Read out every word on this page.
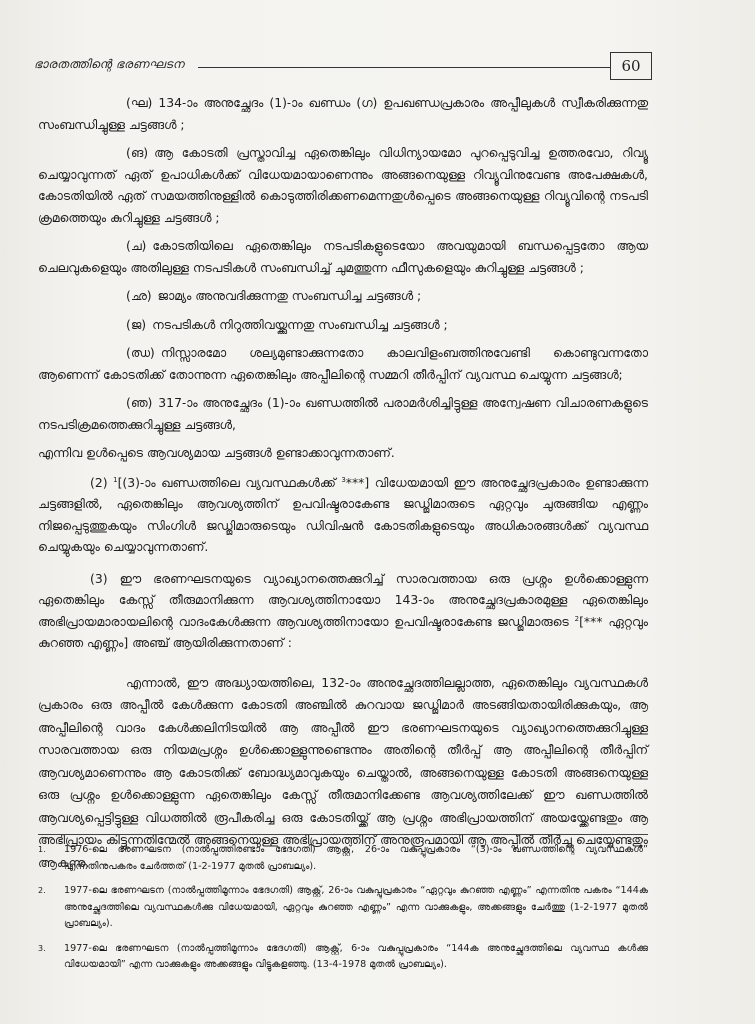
ഭാരതത്തിന്റെ ഭരണഘടന	60

(ഘ) 134-ാം അനുച്ഛേദം (1)-ാം ഖണ്ഡം (ഗ) ഉപഖണ്ഡപ്രകാരം അപ്പീലുകൾ സ്വീകരിക്കുന്നതു സംബന്ധിച്ചുള്ള ചട്ടങ്ങൾ ;

(ങ) ആ കോടതി പ്രസ്താവിച്ച ഏതെങ്കിലും വിധിന്യായമോ പുറപ്പെടുവിച്ച ഉത്തരവോ, റിവ്യൂ ചെയ്യാവുന്നത് ഏത് ഉപാധികൾക്ക് വിധേയമായാണെന്നും അങ്ങനെയുള്ള റിവ്യൂവിനുവേണ്ട അപേക്ഷകൾ, കോടതിയിൽ ഏത് സമയത്തിനുള്ളിൽ കൊടുത്തിരിക്കണമെന്നതുൾപ്പെടെ അങ്ങനെയുള്ള റിവ്യൂവിന്റെ നടപടി ക്രമത്തെയും കുറിച്ചുള്ള ചട്ടങ്ങൾ ;

(ച) കോടതിയിലെ ഏതെങ്കിലും നടപടികളുടെയോ അവയുമായി ബന്ധപ്പെട്ടതോ ആയ ചെലവുകളെയും അതിലുള്ള നടപടികൾ സംബന്ധിച്ച് ചുമത്തുന്ന ഫീസുകളെയും കുറിച്ചുള്ള ചട്ടങ്ങൾ ;

(ഛ) ജാമ്യം അനുവദിക്കുന്നതു സംബന്ധിച്ച ചട്ടങ്ങൾ ;

(ജ) നടപടികൾ നിറുത്തിവയ്ക്കുന്നതു സംബന്ധിച്ച ചട്ടങ്ങൾ ;

(ഝ) നിസ്സാരമോ ശല്യമുണ്ടാക്കുന്നതോ കാലവിളംബത്തിനുവേണ്ടി കൊണ്ടുവന്നതോ ആണെന്ന് കോടതിക്ക് തോന്നുന്ന ഏതെങ്കിലും അപ്പീലിന്റെ സമ്മറി തീർപ്പിന് വ്യവസ്ഥ ചെയ്യുന്ന ചട്ടങ്ങൾ;

(ഞ) 317-ാം അനുച്ഛേദം (1)-ാം ഖണ്ഡത്തിൽ പരാമർശിച്ചിട്ടുള്ള അന്വേഷണ വിചാരണകളുടെ നടപടിക്രമത്തെക്കുറിച്ചുള്ള ചട്ടങ്ങൾ,

എന്നിവ ഉൾപ്പെടെ ആവശ്യമായ ചട്ടങ്ങൾ ഉണ്ടാക്കാവുന്നതാണ്.

(2) $^1$[(3)-ാം ഖണ്ഡത്തിലെ വ്യവസ്ഥകൾക്ക് $^3$***] വിധേയമായി ഈ അനുച്ഛേദപ്രകാരം ഉണ്ടാക്കുന്ന ചട്ടങ്ങളിൽ, ഏതെങ്കിലും ആവശ്യത്തിന് ഉപവിഷ്ടരാകേണ്ട ജഡ്ജിമാരുടെ ഏറ്റവും ചുരുങ്ങിയ എണ്ണം നിജപ്പെടുത്തുകയും സിംഗിൾ ജഡ്ജിമാരുടെയും ഡിവിഷൻ കോടതികളുടെയും അധികാരങ്ങൾക്ക് വ്യവസ്ഥ ചെയ്യുകയും ചെയ്യാവുന്നതാണ്.

(3) ഈ ഭരണഘടനയുടെ വ്യാഖ്യാനത്തെക്കുറിച്ച് സാരവത്തായ ഒരു പ്രശ്നം ഉൾക്കൊള്ളുന്ന ഏതെങ്കിലും കേസ്സ് തീരുമാനിക്കുന്ന ആവശ്യത്തിനായോ 143-ാം അനുച്ഛേദപ്രകാരമുള്ള ഏതെങ്കിലും അഭിപ്രായമാരായലിന്റെ വാദംകേൾക്കുന്ന ആവശ്യത്തിനായോ ഉപവിഷ്ടരാകേണ്ട ജഡ്ജിമാരുടെ $^2$[*** ഏറ്റവും കുറഞ്ഞ എണ്ണം] അഞ്ച് ആയിരിക്കുന്നതാണ് :

എന്നാൽ, ഈ അദ്ധ്യായത്തിലെ, 132-ാം അനുച്ഛേദത്തിലല്ലാത്ത, ഏതെങ്കിലും വ്യവസ്ഥകൾ പ്രകാരം ഒരു അപ്പീൽ കേൾക്കുന്ന കോടതി അഞ്ചിൽ കുറവായ ജഡ്ജിമാർ അടങ്ങിയതായിരിക്കുകയും, ആ അപ്പീലിന്റെ വാദം കേൾക്കലിനിടയിൽ ആ അപ്പീൽ ഈ ഭരണഘടനയുടെ വ്യാഖ്യാനത്തെക്കുറിച്ചുള്ള സാരവത്തായ ഒരു നിയമപ്രശ്നം ഉൾക്കൊള്ളുന്നുണ്ടെന്നും അതിന്റെ തീർപ്പ് ആ അപ്പീലിന്റെ തീർപ്പിന് ആവശ്യമാണെന്നും ആ കോടതിക്ക് ബോദ്ധ്യമാവുകയും ചെയ്താൽ, അങ്ങനെയുള്ള കോടതി അങ്ങനെയുള്ള ഒരു പ്രശ്നം ഉൾക്കൊള്ളുന്ന ഏതെങ്കിലും കേസ്സ് തീരുമാനിക്കേണ്ട ആവശ്യത്തിലേക്ക് ഈ ഖണ്ഡത്തിൽ ആവശ്യപ്പെട്ടിട്ടുള്ള വിധത്തിൽ രൂപീകരിച്ച ഒരു കോടതിയ്ക്ക് ആ പ്രശ്നം അഭിപ്രായത്തിന് അയയ്ക്കേണ്ടതും ആ അഭിപ്രായം കിട്ടുന്നതിന്മേൽ അങ്ങനെയുള്ള അഭിപ്രായത്തിന് അനുരൂപമായി ആ അപ്പീൽ തീർച്ച ചെയ്യേണ്ടതും ആകുന്നു.

1. 1976-ലെ ഭരണഘടന (നാൽപ്പത്തിരണ്ടാം ഭേദഗതി) ആക്റ്റ്, 26-ാം വകുപ്പുപ്രകാരം “(3)-ാം ഖണ്ഡത്തിന്റെ വ്യവസ്ഥകൾ” എന്നതിനുപകരം ചേർത്തത് (1-2-1977 മുതൽ പ്രാബല്യം).
2. 1977-ലെ ഭരണഘടന (നാൽപ്പത്തിമൂന്നാം ഭേദഗതി) ആക്റ്റ്, 26-ാം വകുപ്പുപ്രകാരം “ഏറ്റവും കുറഞ്ഞ എണ്ണം” എന്നതിനു പകരം “144ക അനുച്ഛേദത്തിലെ വ്യവസ്ഥകൾക്കു വിധേയമായി, ഏറ്റവും കുറഞ്ഞ എണ്ണം” എന്ന വാക്കുകളും, അക്കങ്ങളും ചേർത്തു (1-2-1977 മുതൽ പ്രാബല്യം).
3. 1977-ലെ ഭരണഘടന (നാൽപ്പത്തിമൂന്നാം ഭേദഗതി) ആക്റ്റ്, 6-ാം വകുപ്പുപ്രകാരം “144ക അനുച്ഛേദത്തിലെ വ്യവസ്ഥ കൾക്കു വിധേയമായി” എന്ന വാക്കുകളും അക്കങ്ങളും വിട്ടുകളഞ്ഞു. (13-4-1978 മുതൽ പ്രാബല്യം).
